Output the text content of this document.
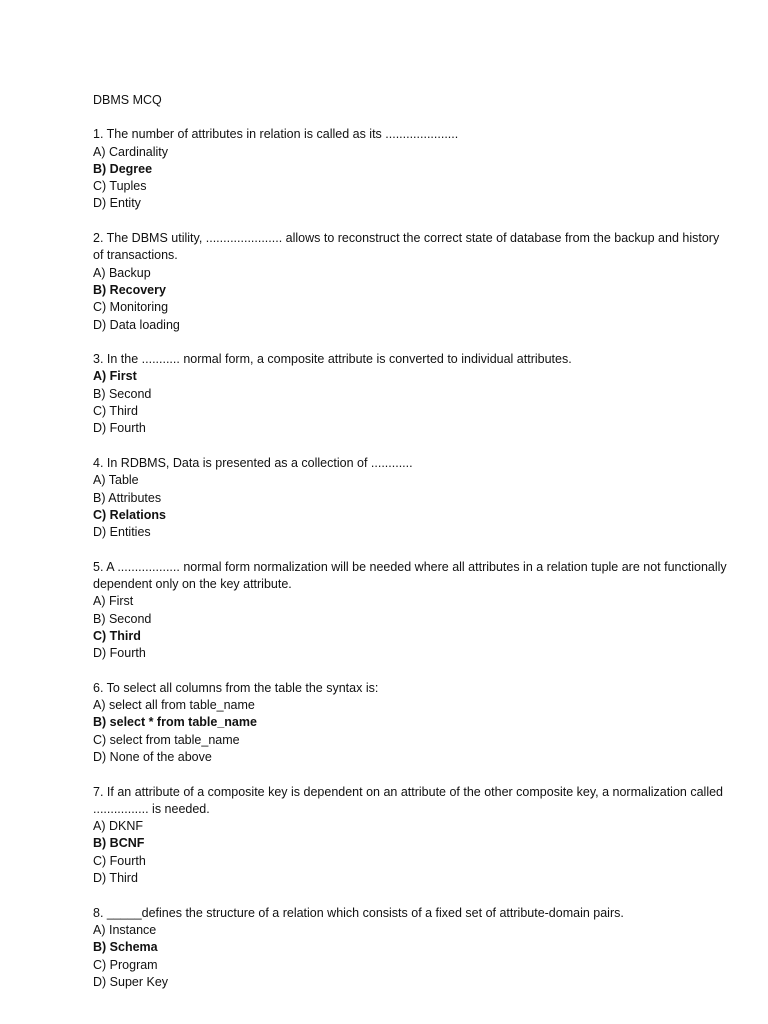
DBMS MCQ

1. The number of attributes in relation is called as its .....................

A) Cardinality
B) Degree
C) Tuples
D) Entity

2. The DBMS utility, ...................... allows to reconstruct the correct state of database from the backup and history of transactions.

A) Backup
B) Recovery
C) Monitoring
D) Data loading

3. In the ........... normal form, a composite attribute is converted to individual attributes.

A) First
B) Second
C) Third
D) Fourth

4. In RDBMS, Data is presented as a collection of ............

A) Table
B) Attributes
C) Relations
D) Entities

5. A .................. normal form normalization will be needed where all attributes in a relation tuple are not functionally dependent only on the key attribute.

A) First
B) Second
C) Third
D) Fourth

6. To select all columns from the table the syntax is:

A) select all from table_name
B) select * from table_name
C) select from table_name
D) None of the above

7. If an attribute of a composite key is dependent on an attribute of the other composite key, a normalization called ................ is needed.

A) DKNF
B) BCNF
C) Fourth
D) Third

8. _____defines the structure of a relation which consists of a fixed set of attribute-domain pairs.

A) Instance
B) Schema
C) Program
D) Super Key
